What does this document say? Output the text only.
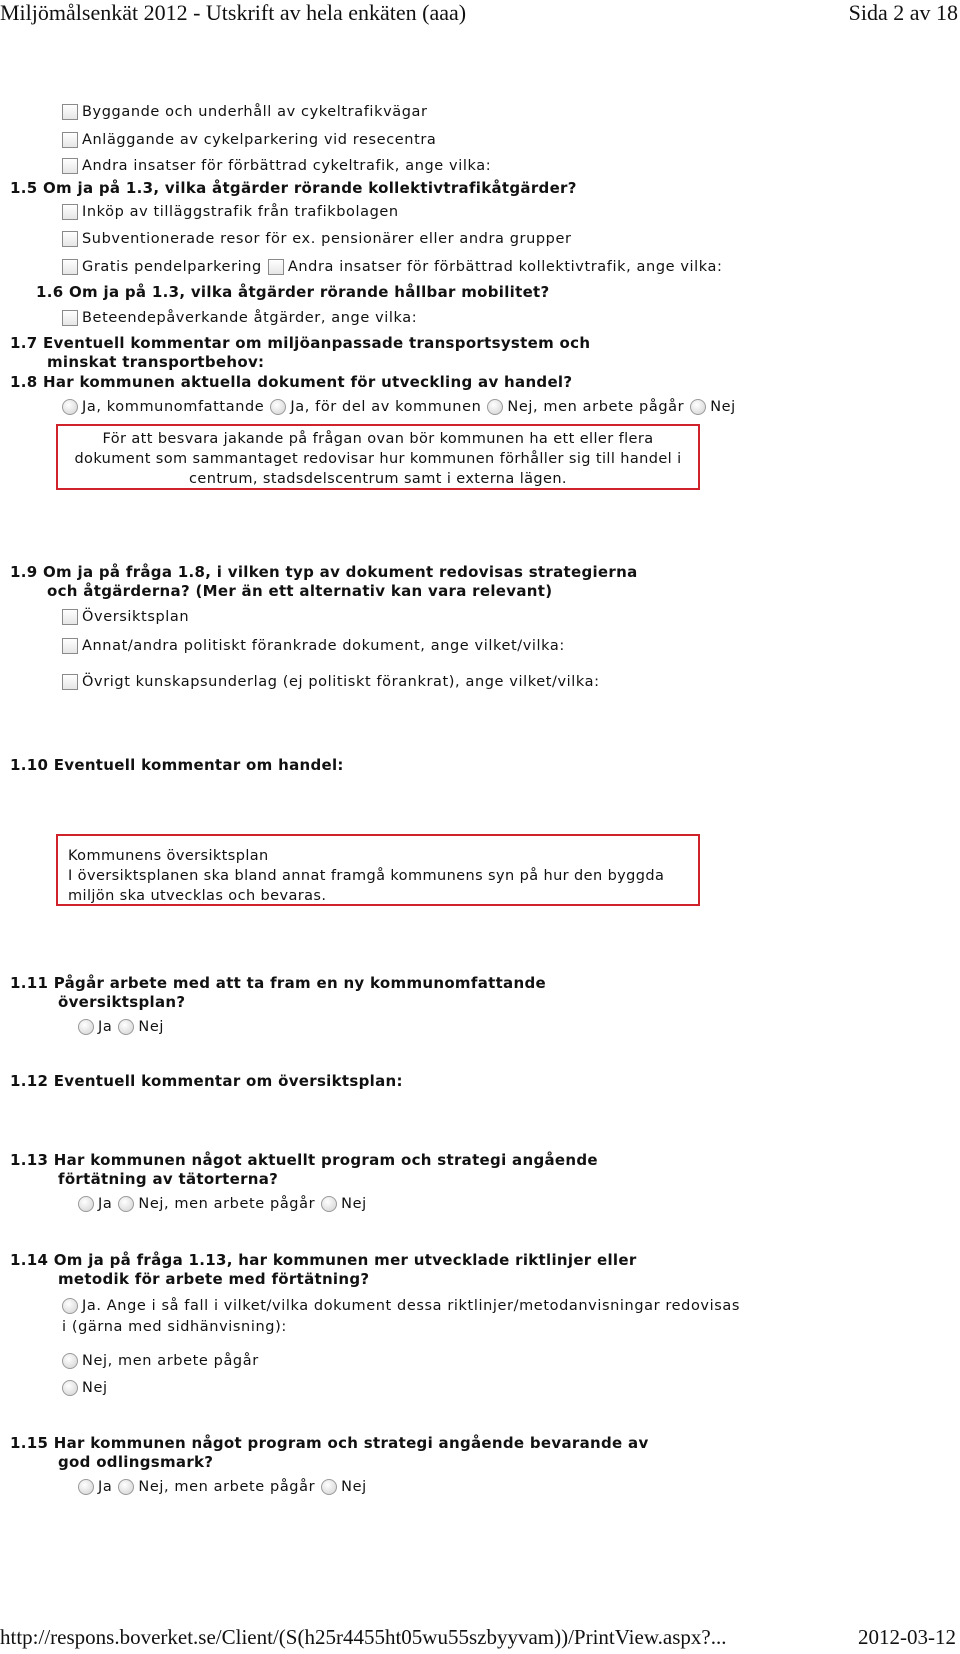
Miljömålsenkät 2012 - Utskrift av hela enkäten (aaa)	Sida 2 av 18
Byggande och underhåll av cykeltrafikvägar
Anläggande av cykelparkering vid resecentra
Andra insatser för förbättrad cykeltrafik, ange vilka:
1.5 Om ja på 1.3, vilka åtgärder rörande kollektivtrafikåtgärder?
Inköp av tilläggstrafik från trafikbolagen
Subventionerade resor för ex. pensionärer eller andra grupper
Gratis pendelparkering Andra insatser för förbättrad kollektivtrafik, ange vilka:
1.6 Om ja på 1.3, vilka åtgärder rörande hållbar mobilitet?
Beteendepåverkande åtgärder, ange vilka:
1.7 Eventuell kommentar om miljöanpassade transportsystem och
minskat transportbehov:
1.8 Har kommunen aktuella dokument för utveckling av handel?
Ja, kommunomfattande Ja, för del av kommunen Nej, men arbete pågår Nej
För att besvara jakande på frågan ovan bör kommunen ha ett eller flera
dokument som sammantaget redovisar hur kommunen förhåller sig till handel i
centrum, stadsdelscentrum samt i externa lägen.
1.9 Om ja på fråga 1.8, i vilken typ av dokument redovisas strategierna
och åtgärderna? (Mer än ett alternativ kan vara relevant)
Översiktsplan
Annat/andra politiskt förankrade dokument, ange vilket/vilka:
Övrigt kunskapsunderlag (ej politiskt förankrat), ange vilket/vilka:
1.10 Eventuell kommentar om handel:
Kommunens översiktsplan
I översiktsplanen ska bland annat framgå kommunens syn på hur den byggda
miljön ska utvecklas och bevaras.
1.11 Pågår arbete med att ta fram en ny kommunomfattande
översiktsplan?
Ja Nej
1.12 Eventuell kommentar om översiktsplan:
1.13 Har kommunen något aktuellt program och strategi angående
förtätning av tätorterna?
Ja Nej, men arbete pågår Nej
1.14 Om ja på fråga 1.13, har kommunen mer utvecklade riktlinjer eller
metodik för arbete med förtätning?
Ja. Ange i så fall i vilket/vilka dokument dessa riktlinjer/metodanvisningar redovisas
i (gärna med sidhänvisning):
Nej, men arbete pågår
Nej
1.15 Har kommunen något program och strategi angående bevarande av
god odlingsmark?
Ja Nej, men arbete pågår Nej
http://respons.boverket.se/Client/(S(h25r4455ht05wu55szbyyvam))/PrintView.aspx?...	2012-03-12
